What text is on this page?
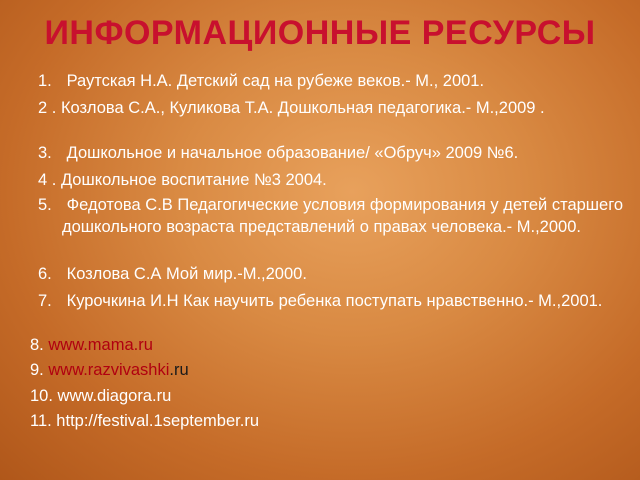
ИНФОРМАЦИОННЫЕ РЕСУРСЫ
1. Раутская Н.А. Детский сад на рубеже веков.- М., 2001.
2 . Козлова С.А., Куликова Т.А. Дошкольная педагогика.- М.,2009 .
3. Дошкольное и начальное образование/ «Обруч» 2009 №6.
4 . Дошкольное воспитание №3 2004.
5. Федотова С.В Педагогические условия формирования у детей старшего дошкольного возраста представлений о правах человека.- М.,2000.
6. Козлова С.А Мой мир.-М.,2000.
7. Курочкина И.Н Как научить ребенка поступать нравственно.- М.,2001.
8. www.mama.ru
9. www.razvivashki.ru
10. www.diagora.ru
11. http://festival.1september.ru
